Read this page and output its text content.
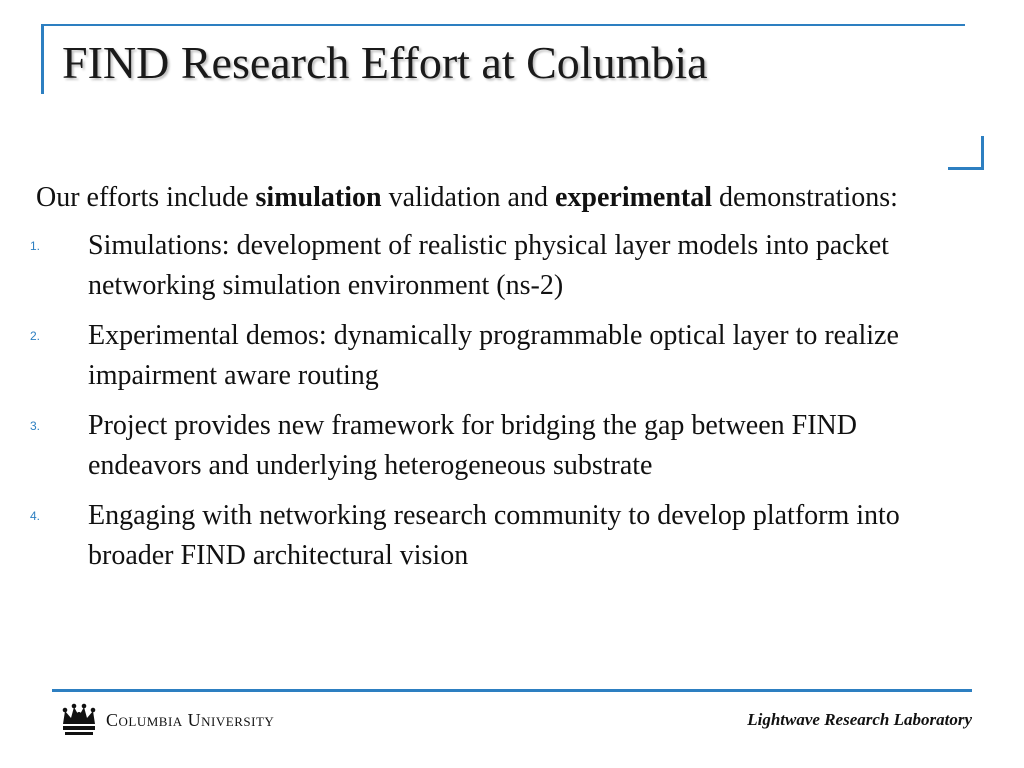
FIND Research Effort at Columbia

Our efforts include simulation validation and experimental demonstrations:

1. Simulations: development of realistic physical layer models into packet networking simulation environment (ns-2)
2. Experimental demos: dynamically programmable optical layer to realize impairment aware routing
3. Project provides new framework for bridging the gap between FIND endeavors and underlying heterogeneous substrate
4. Engaging with networking research community to develop platform into broader FIND architectural vision
Columbia University	Lightwave Research Laboratory
